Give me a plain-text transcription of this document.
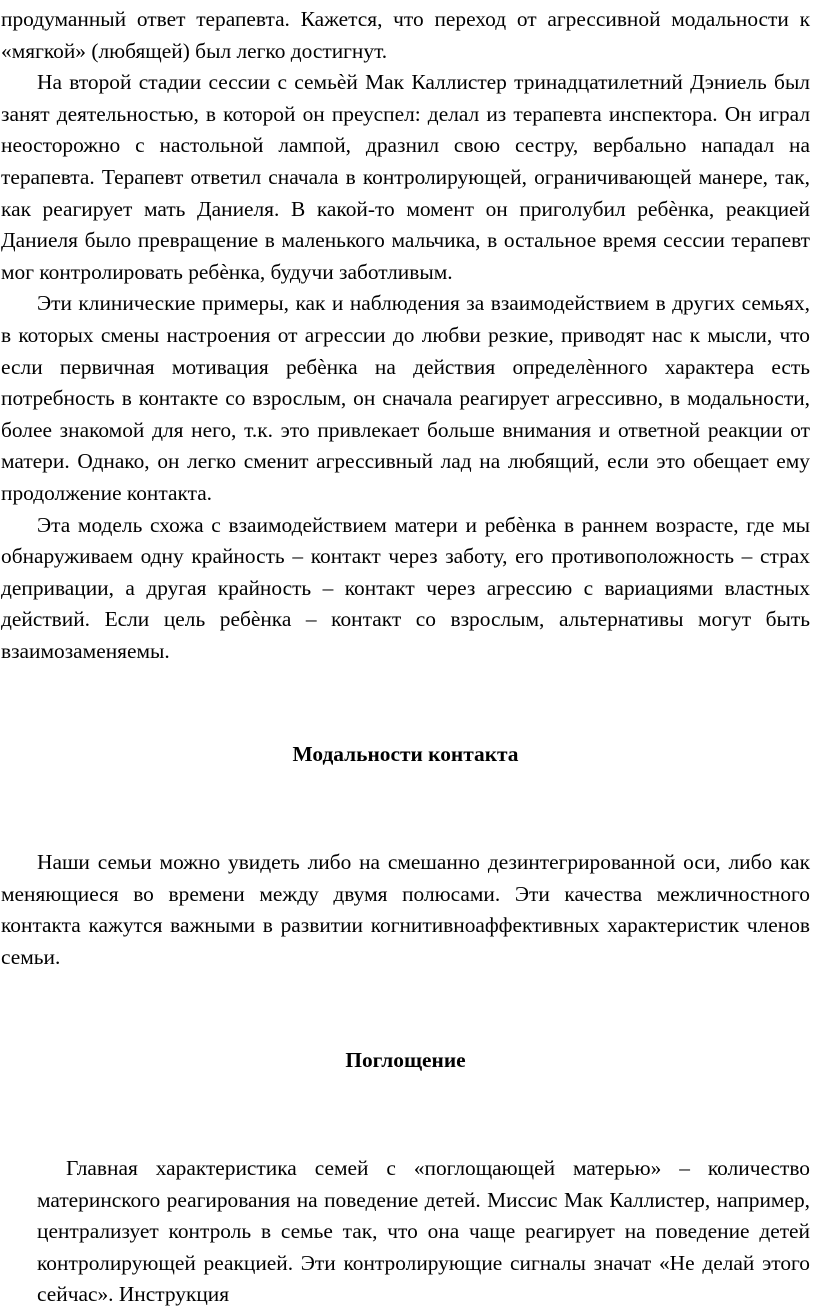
продуманный ответ терапевта. Кажется, что переход от агрессивной модальности к «мягкой» (любящей) был легко достигнут.

На второй стадии сессии с семьѐй Мак Каллистер тринадцатилетний Дэниель был занят деятельностью, в которой он преуспел: делал из терапевта инспектора. Он играл неосторожно с настольной лампой, дразнил свою сестру, вербально нападал на терапевта. Терапевт ответил сначала в контролирующей, ограничивающей манере, так, как реагирует мать Даниеля. В какой-то момент он приголубил ребѐнка, реакцией Даниеля было превращение в маленького мальчика, в остальное время сессии терапевт мог контролировать ребѐнка, будучи заботливым.

Эти клинические примеры, как и наблюдения за взаимодействием в других семьях, в которых смены настроения от агрессии до любви резкие, приводят нас к мысли, что если первичная мотивация ребѐнка на действия определѐнного характера есть потребность в контакте со взрослым, он сначала реагирует агрессивно, в модальности, более знакомой для него, т.к. это привлекает больше внимания и ответной реакции от матери. Однако, он легко сменит агрессивный лад на любящий, если это обещает ему продолжение контакта.

Эта модель схожа с взаимодействием матери и ребѐнка в раннем возрасте, где мы обнаруживаем одну крайность – контакт через заботу, его противоположность – страх депривации, а другая крайность – контакт через агрессию с вариациями властных действий. Если цель ребѐнка – контакт со взрослым, альтернативы могут быть взаимозаменяемы.

Модальности контакта

Наши семьи можно увидеть либо на смешанно дезинтегрированной оси, либо как меняющиеся во времени между двумя полюсами. Эти качества межличностного контакта кажутся важными в развитии когнитивноаффективных характеристик членов семьи.

Поглощение

Главная характеристика семей с «поглощающей матерью» – количество материнского реагирования на поведение детей. Миссис Мак Каллистер, например, централизует контроль в семье так, что она чаще реагирует на поведение детей контролирующей реакцией. Эти контролирующие сигналы значат «Не делай этого сейчас». Инструкция
